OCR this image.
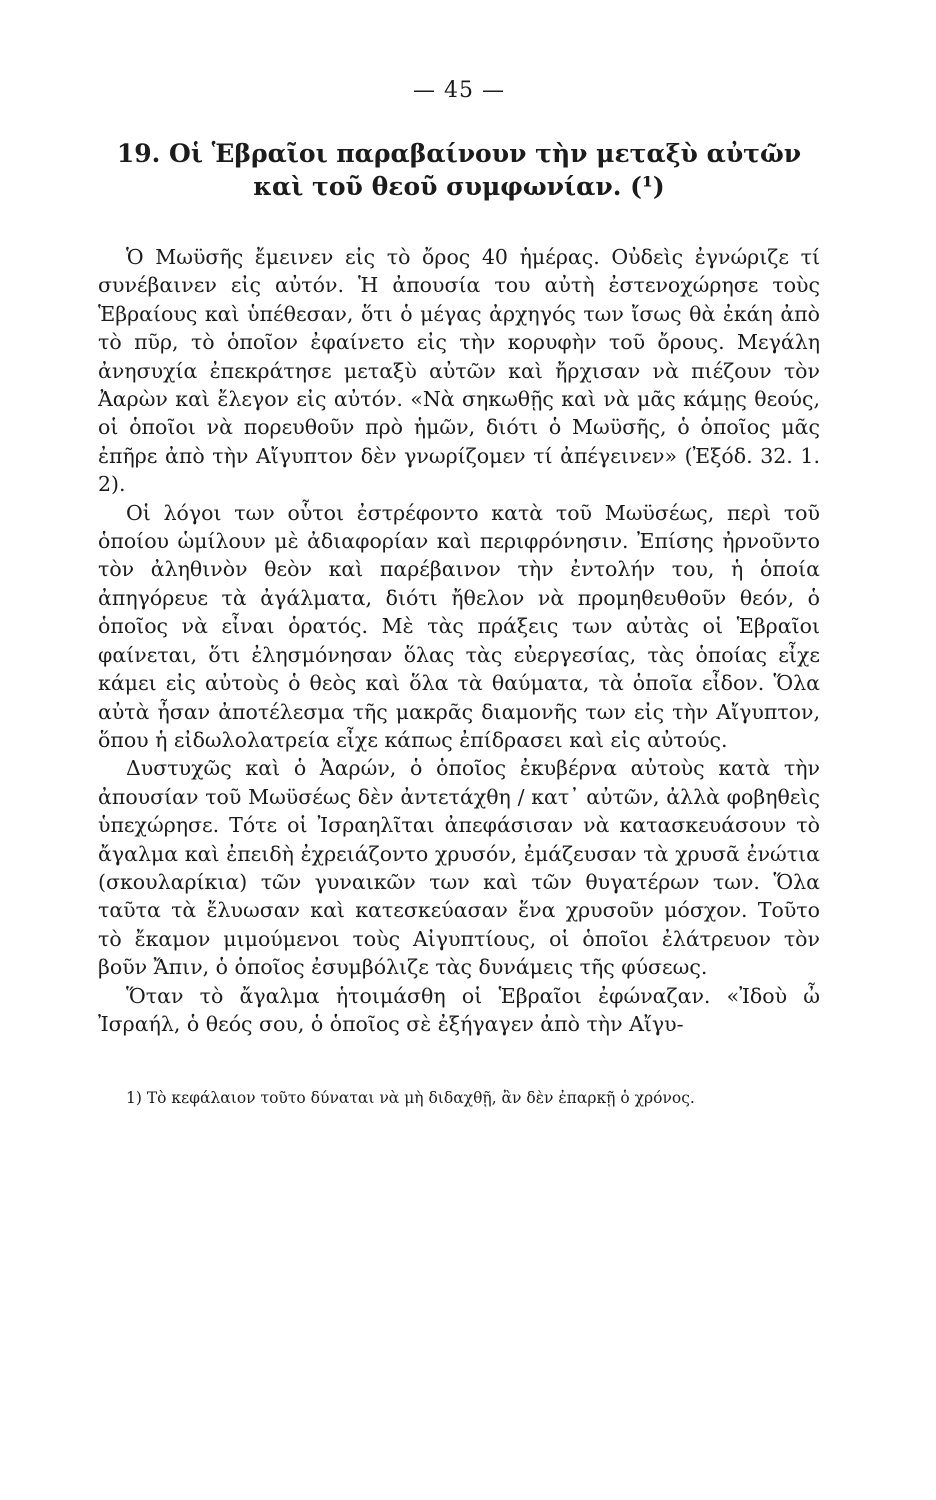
— 45 —
19. Οἱ Ἑβραῖοι παραβαίνουν τὴν μεταξὺ αὐτῶν
καὶ τοῦ θεοῦ συμφωνίαν. (¹)

Ὁ Μωϋσῆς ἔμεινεν εἰς τὸ ὄρος 40 ἡμέρας. Οὐδεὶς ἐγνώριζε τί συνέβαινεν εἰς αὐτόν. Ἡ ἀπουσία του αὐτὴ ἐστενοχώρησε τοὺς Ἑβραίους καὶ ὑπέθεσαν, ὅτι ὁ μέγας ἀρχηγός των ἴσως θὰ ἐκάη ἀπὸ τὸ πῦρ, τὸ ὁποῖον ἐφαίνετο εἰς τὴν κορυφὴν τοῦ ὄρους. Μεγάλη ἀνησυχία ἐπεκράτησε μεταξὺ αὐτῶν καὶ ἤρχισαν νὰ πιέζουν τὸν Ἀαρὼν καὶ ἔλεγον εἰς αὐτόν. «Νὰ σηκωθῇς καὶ νὰ μᾶς κάμῃς θεούς, οἱ ὁποῖοι νὰ πορευθοῦν πρὸ ἡμῶν, διότι ὁ Μωϋσῆς, ὁ ὁποῖος μᾶς ἐπῆρε ἀπὸ τὴν Αἴγυπτον δὲν γνωρίζομεν τί ἀπέγεινεν» (Ἐξόδ. 32. 1. 2).

Οἱ λόγοι των οὗτοι ἐστρέφοντο κατὰ τοῦ Μωϋσέως, περὶ τοῦ ὁποίου ὡμίλουν μὲ ἀδιαφορίαν καὶ περιφρόνησιν. Ἐπίσης ἠρνοῦντο τὸν ἀληθινὸν θεὸν καὶ παρέβαινον τὴν ἐντολήν του, ἡ ὁποία ἀπηγόρευε τὰ ἀγάλματα, διότι ἤθελον νὰ προμηθευθοῦν θεόν, ὁ ὁποῖος νὰ εἶναι ὁρατός. Μὲ τὰς πράξεις των αὐτὰς οἱ Ἑβραῖοι φαίνεται, ὅτι ἐλησμόνησαν ὅλας τὰς εὐεργεσίας, τὰς ὁποίας εἶχε κάμει εἰς αὐτοὺς ὁ θεὸς καὶ ὅλα τὰ θαύματα, τὰ ὁποῖα εἶδον. Ὅλα αὐτὰ ἦσαν ἀποτέλεσμα τῆς μακρᾶς διαμονῆς των εἰς τὴν Αἴγυπτον, ὅπου ἡ εἰδωλολατρεία εἶχε κάπως ἐπίδρασει καὶ εἰς αὐτούς.

Δυστυχῶς καὶ ὁ Ἀαρών, ὁ ὁποῖος ἐκυβέρνα αὐτοὺς κατὰ τὴν ἀπουσίαν τοῦ Μωϋσέως δὲν ἀντετάχθη / κατ᾽ αὐτῶν, ἀλλὰ φοβηθεὶς ὑπεχώρησε. Τότε οἱ Ἰσραηλῖται ἀπεφάσισαν νὰ κατασκευάσουν τὸ ἄγαλμα καὶ ἐπειδὴ ἐχρειάζοντο χρυσόν, ἐμάζευσαν τὰ χρυσᾶ ἐνώτια (σκουλαρίκια) τῶν γυναικῶν των καὶ τῶν θυγατέρων των. Ὅλα ταῦτα τὰ ἔλυωσαν καὶ κατεσκεύασαν ἕνα χρυσοῦν μόσχον. Τοῦτο τὸ ἔκαμον μιμούμενοι τοὺς Αἰγυπτίους, οἱ ὁποῖοι ἐλάτρευον τὸν βοῦν Ἄπιν, ὁ ὁποῖος ἐσυμβόλιζε τὰς δυνάμεις τῆς φύσεως.

Ὅταν τὸ ἄγαλμα ἡτοιμάσθη οἱ Ἑβραῖοι ἐφώναζαν. «Ἰδοὺ ὦ Ἰσραήλ, ὁ θεός σου, ὁ ὁποῖος σὲ ἐξήγαγεν ἀπὸ τὴν Αἴγυ-

1) Τὸ κεφάλαιον τοῦτο δύναται νὰ μὴ διδαχθῇ, ἂν δὲν ἐπαρκῇ ὁ χρόνος.
